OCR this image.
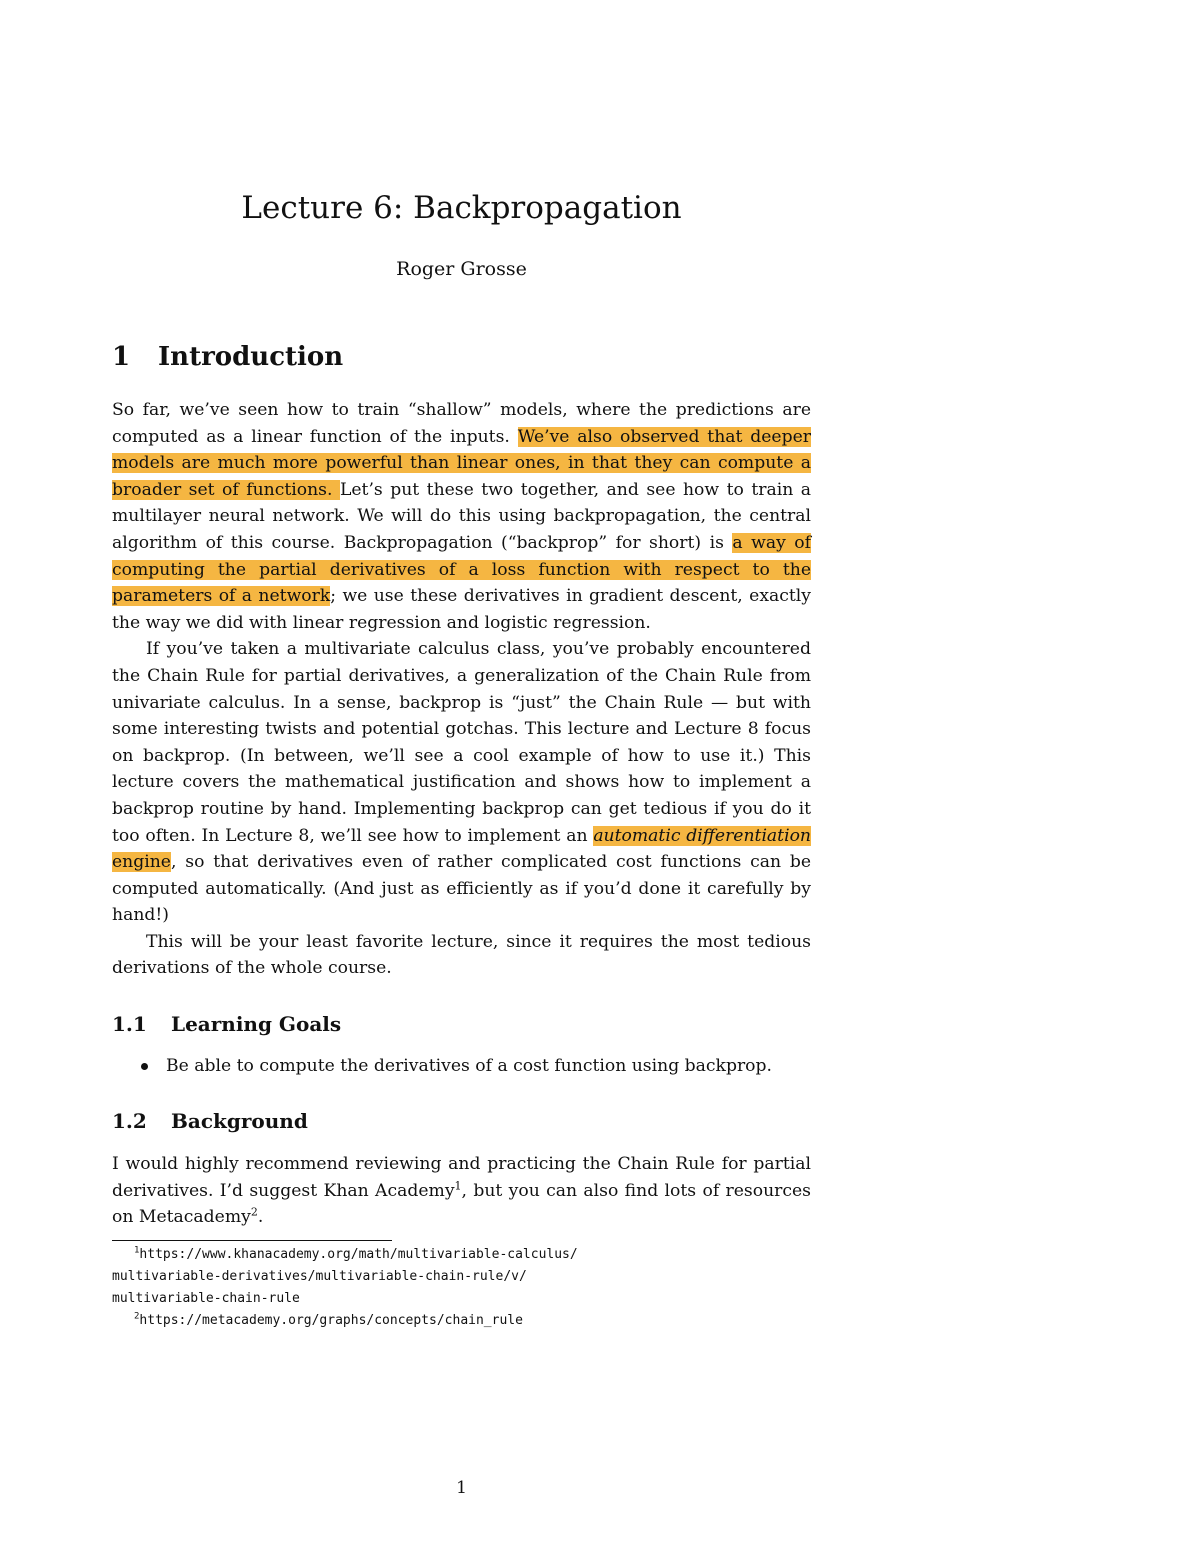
Lecture 6: Backpropagation
Roger Grosse
1 Introduction

So far, we’ve seen how to train “shallow” models, where the predictions are computed as a linear function of the inputs. We’ve also observed that deeper models are much more powerful than linear ones, in that they can compute a broader set of functions. Let’s put these two together, and see how to train a multilayer neural network. We will do this using backpropagation, the central algorithm of this course. Backpropagation (“backprop” for short) is a way of computing the partial derivatives of a loss function with respect to the parameters of a network; we use these derivatives in gradient descent, exactly the way we did with linear regression and logistic regression.

If you’ve taken a multivariate calculus class, you’ve probably encountered the Chain Rule for partial derivatives, a generalization of the Chain Rule from univariate calculus. In a sense, backprop is “just” the Chain Rule — but with some interesting twists and potential gotchas. This lecture and Lecture 8 focus on backprop. (In between, we’ll see a cool example of how to use it.) This lecture covers the mathematical justification and shows how to implement a backprop routine by hand. Implementing backprop can get tedious if you do it too often. In Lecture 8, we’ll see how to implement an automatic differentiation engine, so that derivatives even of rather complicated cost functions can be computed automatically. (And just as efficiently as if you’d done it carefully by hand!)

This will be your least favorite lecture, since it requires the most tedious derivations of the whole course.

1.1 Learning Goals
Be able to compute the derivatives of a cost function using backprop.
1.2 Background

I would highly recommend reviewing and practicing the Chain Rule for partial derivatives. I’d suggest Khan Academy$^1$, but you can also find lots of resources on Metacademy$^2$.

$^1$https://www.khanacademy.org/math/multivariable-calculus/

multivariable-derivatives/multivariable-chain-rule/v/

multivariable-chain-rule

$^2$https://metacademy.org/graphs/concepts/chain_rule

1
